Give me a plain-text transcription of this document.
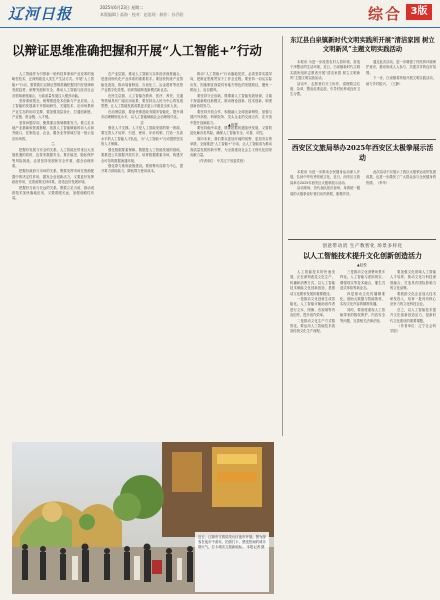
辽河日报	2025年6月23日 星期二
本版编辑 | 高海 · 校对：赵思瑶 · 制作：孙乔阳	综合 3版
以辩证思维准确把握和开展“人工智能+”行动
▲蒋慧

人工智能作为引领新一轮科技革命和产业变革的战略性技术，正深刻改变人类生产生活方式。开展“人工智能+”行动，需要我们以辩证思维准确把握其内在规律和发展趋势，统筹发展和安全，推动人工智能与经济社会各领域深度融合，为高质量发展注入强劲动能。

坚持系统观念，统筹推进技术创新与产业应用。人工智能的发展离不开基础研究、关键技术、应用场景和产业生态的协同支撑，要加强顶层设计，打通创新链、产业链、资金链、人才链。

坚持问题导向，聚焦重点领域精准发力。要立足本地产业基础和资源禀赋，找准人工智能赋能的切入点和突破口，在制造业、农业、服务业等领域打造一批示范应用场景。

二

把握好发展与安全的关系。人工智能在带来巨大发展机遇的同时，也带来数据安全、算法偏见、隐私保护等风险挑战，必须坚持发展和安全并重，健全治理体系。

把握好政府与市场的关系。既要发挥市场在资源配置中的决定性作用，激发企业创新活力，又要更好发挥政府作用，完善政策支持体系，营造良好发展环境。

把握好当前与长远的关系。既要立足当前，推动成熟技术加快落地应用，又要着眼长远，加强前瞻性布局。

在产业层面，推动人工智能与实体经济深度融合，是建设现代化产业体系的重要抓手。要加快传统产业智能化改造，推动装备制造、石油化工、冶金建材等优势产业数字化转型，培育智能制造新模式新业态。

在民生层面，人工智能在教育、医疗、养老、交通等领域具有广阔应用前景，要坚持以人民为中心的发展思想，让人工智能发展成果更多更公平惠及全体人民。

在治理层面，要加快推进政务服务智能化，提升城市治理精细化水平，以人工智能赋能社会治理现代化。

三

强化人才支撑。人才是人工智能发展的第一资源，要完善人才培养、引进、使用、评价机制，打造一支高水平的人工智能人才队伍，为“人工智能+”行动提供坚实的人才保障。

强化数据要素保障。数据是人工智能发展的基础，要推进公共数据开放共享，培育数据要素市场，构建安全可信的数据流通环境。

强化算力基础设施建设。要统筹布局算力中心，提升算力供给能力，降低算力使用成本。

推动“人工智能+”行动落地见效，必须坚持实践导向，把辩证思维贯穿于工作全过程。要坚持一切从实际出发，因地制宜探索具有地方特色的发展路径，避免一哄而上、盲目跟风。

要坚持守正创新，既尊重人工智能发展规律，又敢于探索新路径新模式，推动理论创新、技术创新、制度创新协同发力。

要坚持开放合作，积极融入全球创新网络，加强与国内外高校、科研院所、龙头企业的交流合作，在开放中提升创新能力。

要坚持稳中求进，既要抢抓机遇加快发展，又要防范化解各类风险，确保人工智能安全、可靠、可控。

面向未来，我们要以更加开阔的视野、更加务实的举措，全面推进“人工智能+”行动，让人工智能成为推动高质量发展的新引擎，为全面建设社会主义现代化国家贡献力量。

（作者单位：中共辽宁省委党校）

东辽县白泉镇新时代文明实践所开展“清洁家园 树立文明新风”主题文明实践活动

本报讯 为进一步改善农村人居环境，营造干净整洁的生活环境，近日，白泉镇新时代文明实践所组织志愿者开展“清洁家园 树立文明新风”主题文明实践活动。

活动中，志愿者们分工协作，清理路边垃圾、杂草，整治乱堆乱放，引导村民养成良好卫生习惯。

通过此次活动，进一步增强了村民的环境保护意识，推动形成人人参与、共建共享的良好氛围。

下一步，白泉镇将持续开展文明实践活动，助力乡村振兴。（王静）

西安区文旅局举办2025年西安区太极拳展示活动

本报讯 为进一步推动全民健身运动深入开展，弘扬中华优秀传统文化，近日，西安区文旅局举办2025年西安区太极拳展示活动。

活动现场，各代表队依次登场，身着统一服装的太极拳爱好者们动作舒展、刚柔并济。

此次活动不仅展示了我区太极拳运动的发展成果，也进一步激发了广大群众参与全民健身的热情。（李华）

创意带动消 生产数智化 场景多样化
以人工智能技术提升文化创新创造活力
▲赵悦

人工智能技术的快速发展，正在深刻改变文化生产、传播和消费方式。以人工智能技术赋能文化创新创造，是推动文化繁荣发展的重要路径。

一是推动文化创意生成智能化。人工智能可辅助创作者进行文本、图像、音视频等内容创作，提升创作效率。

二是推动文化生产方式数智化。要运用人工智能技术改造传统文化生产流程。

三是推动文化消费场景多样化。人工智能与虚拟现实、增强现实等技术融合，催生沉浸式体验等新业态。

四是推动文化传播精准化。借助大数据与智能推荐，实现文化内容的精准传播。

同时，要高度重视人工智能带来的版权保护、内容安全等问题，完善相关法律法规。

要加强文化领域人工智能人才培养，推动文化与科技深度融合，打造具有国际影响力的文化品牌。

要鼓励文化企业加大技术研发投入，培育一批具有核心竞争力的文化科技企业。

总之，以人工智能技术提升文化创新创造活力，是新时代文化建设的重要课题。

（作者单位：辽宁社会科学院）

近日，辽源市文旅局龙山区夜市开展。图为游客在夜市中游玩、拍照打卡，感受热闹的城市烟火气，打卡城市文旅新地标。 本报记者 摄
